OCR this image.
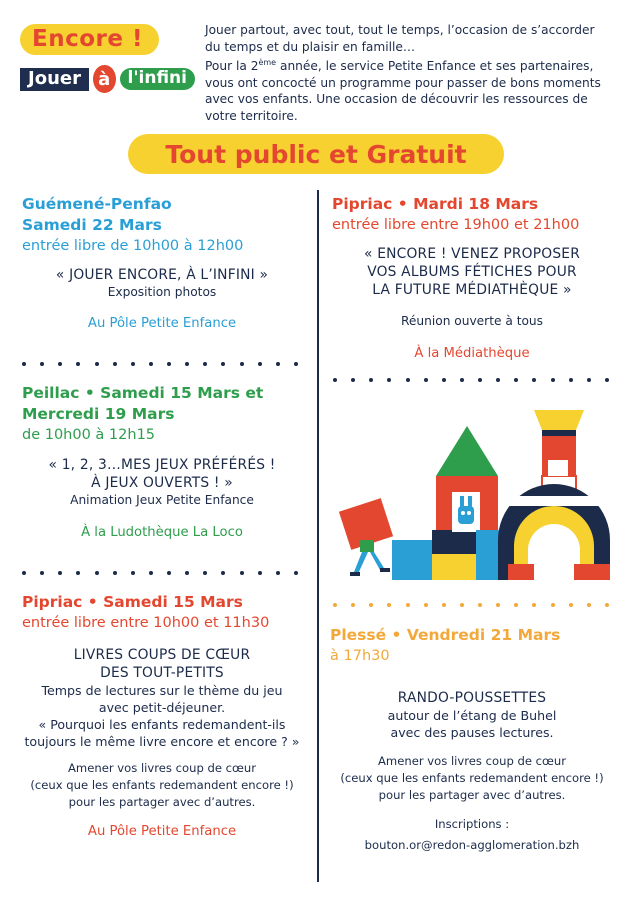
Encore !
Jouer à	l'infini
Jouer partout, avec tout, tout le temps, l’occasion de s’accorder
du temps et du plaisir en famille…
Pour la 2ème année, le service Petite Enfance et ses partenaires,
vous ont concocté un programme pour passer de bons moments
avec vos enfants. Une occasion de découvrir les ressources de
votre territoire.
Tout public et Gratuit
Guémené-Penfao
Samedi 22 Mars
entrée libre de 10h00 à 12h00
« JOUER ENCORE, À L’INFINI »
Exposition photos
Au Pôle Petite Enfance
Peillac • Samedi 15 Mars et
Mercredi 19 Mars
de 10h00 à 12h15
« 1, 2, 3…MES JEUX PRÉFÉRÉS !
À JEUX OUVERTS ! »
Animation Jeux Petite Enfance
À la Ludothèque La Loco
Pipriac • Samedi 15 Mars
entrée libre entre 10h00 et 11h30
LIVRES COUPS DE CŒUR
DES TOUT-PETITS
Temps de lectures sur le thème du jeu
avec petit-déjeuner.
« Pourquoi les enfants redemandent-ils
toujours le même livre encore et encore ? »
Amener vos livres coup de cœur
(ceux que les enfants redemandent encore !)
pour les partager avec d’autres.
Au Pôle Petite Enfance
Pipriac • Mardi 18 Mars
entrée libre entre 19h00 et 21h00
« ENCORE ! VENEZ PROPOSER
VOS ALBUMS FÉTICHES POUR
LA FUTURE MÉDIATHÈQUE »
Réunion ouverte à tous
À la Médiathèque
Plessé • Vendredi 21 Mars
à 17h30
RANDO-POUSSETTES
autour de l’étang de Buhel
avec des pauses lectures.
Amener vos livres coup de cœur
(ceux que les enfants redemandent encore !)
pour les partager avec d’autres.
Inscriptions :
bouton.or@redon-agglomeration.bzh
